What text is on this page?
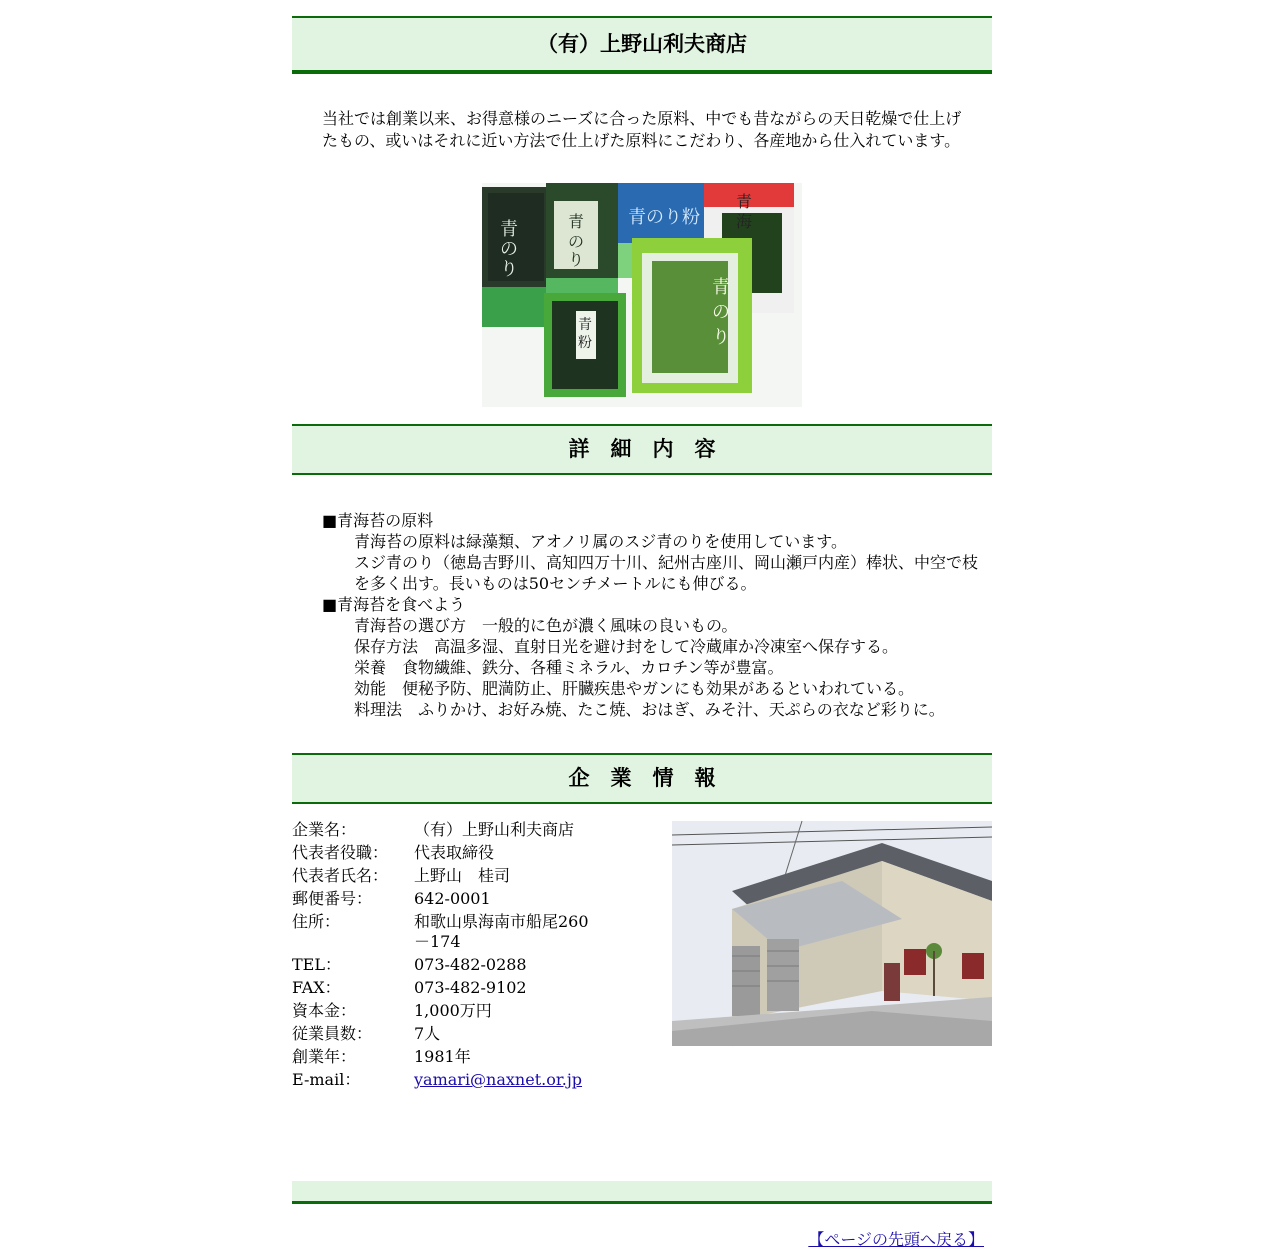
（有）上野山利夫商店
当社では創業以来、お得意様のニーズに合った原料、中でも昔ながらの天日乾燥で仕上げたもの、或いはそれに近い方法で仕上げた原料にこだわり、各産地から仕入れています。
青
の
り
青
の
り
青のり粉
青
海
青
の
り
青
粉
詳　細　内　容
■青海苔の原料
青海苔の原料は緑藻類、アオノリ属のスジ青のりを使用しています。
スジ青のり（徳島吉野川、高知四万十川、紀州古座川、岡山瀬戸内産）棒状、中空で枝を多く出す。長いものは50センチメートルにも伸びる。
■青海苔を食べよう
青海苔の選び方　一般的に色が濃く風味の良いもの。
保存方法　高温多湿、直射日光を避け封をして冷蔵庫か冷凍室へ保存する。
栄養　食物繊維、鉄分、各種ミネラル、カロチン等が豊富。
効能　便秘予防、肥満防止、肝臓疾患やガンにも効果があるといわれている。
料理法　ふりかけ、お好み焼、たこ焼、おはぎ、みそ汁、天ぷらの衣など彩りに。
企　業　情　報
企業名：	（有）上野山利夫商店
代表者役職：	代表取締役
代表者氏名：	上野山　桂司
郵便番号：	642-0001
住所：	和歌山県海南市船尾260－174
TEL：	073-482-0288
FAX：	073-482-9102
資本金：	1,000万円
従業員数：	7人
創業年：	1981年
E-mail：	yamari@naxnet.or.jp
【ページの先頭へ戻る】
